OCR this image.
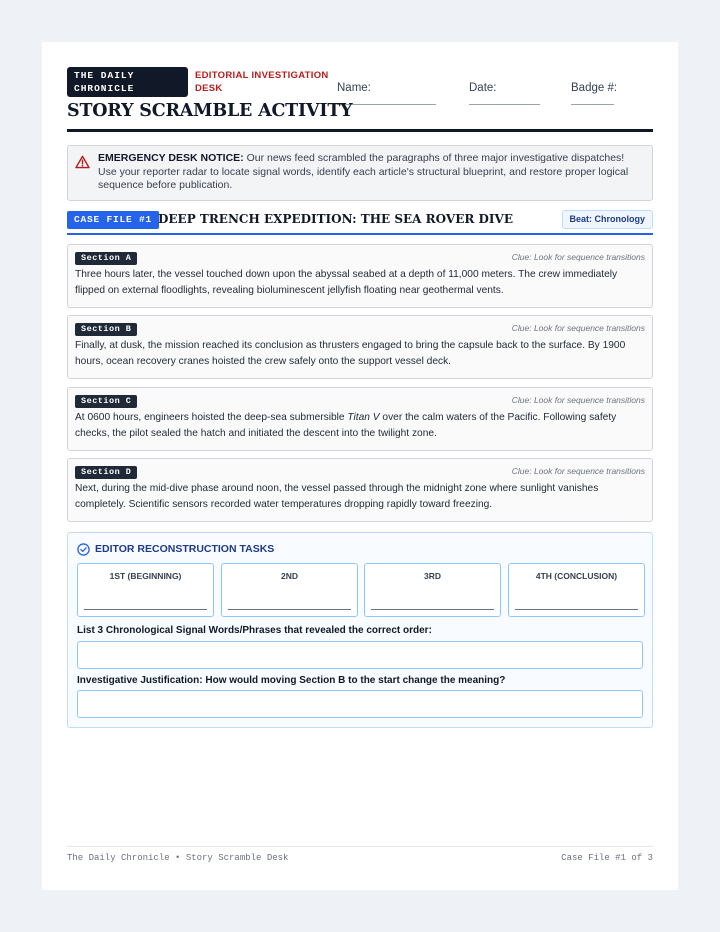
THE DAILY
CHRONICLE
EDITORIAL INVESTIGATION
DESK	Name:	Date:	Badge #:
STORY SCRAMBLE ACTIVITY
EMERGENCY DESK NOTICE: Our news feed scrambled the paragraphs of three major investigative dispatches! Use your reporter radar to locate signal words, identify each article's structural blueprint, and restore proper logical sequence before publication.
CASE FILE #1 DEEP TRENCH EXPEDITION: THE SEA ROVER DIVE	Beat: Chronology
Section A	Clue: Look for sequence transitions
Three hours later, the vessel touched down upon the abyssal seabed at a depth of 11,000 meters. The crew immediately flipped on external floodlights, revealing bioluminescent jellyfish floating near geothermal vents.
Section B	Clue: Look for sequence transitions
Finally, at dusk, the mission reached its conclusion as thrusters engaged to bring the capsule back to the surface. By 1900 hours, ocean recovery cranes hoisted the crew safely onto the support vessel deck.
Section C	Clue: Look for sequence transitions
At 0600 hours, engineers hoisted the deep-sea submersible Titan V over the calm waters of the Pacific. Following safety checks, the pilot sealed the hatch and initiated the descent into the twilight zone.
Section D	Clue: Look for sequence transitions
Next, during the mid-dive phase around noon, the vessel passed through the midnight zone where sunlight vanishes completely. Scientific sensors recorded water temperatures dropping rapidly toward freezing.
EDITOR RECONSTRUCTION TASKS
1ST (BEGINNING)	2ND	3RD	4TH (CONCLUSION)
List 3 Chronological Signal Words/Phrases that revealed the correct order:
Investigative Justification: How would moving Section B to the start change the meaning?
The Daily Chronicle • Story Scramble Desk	Case File #1 of 3
